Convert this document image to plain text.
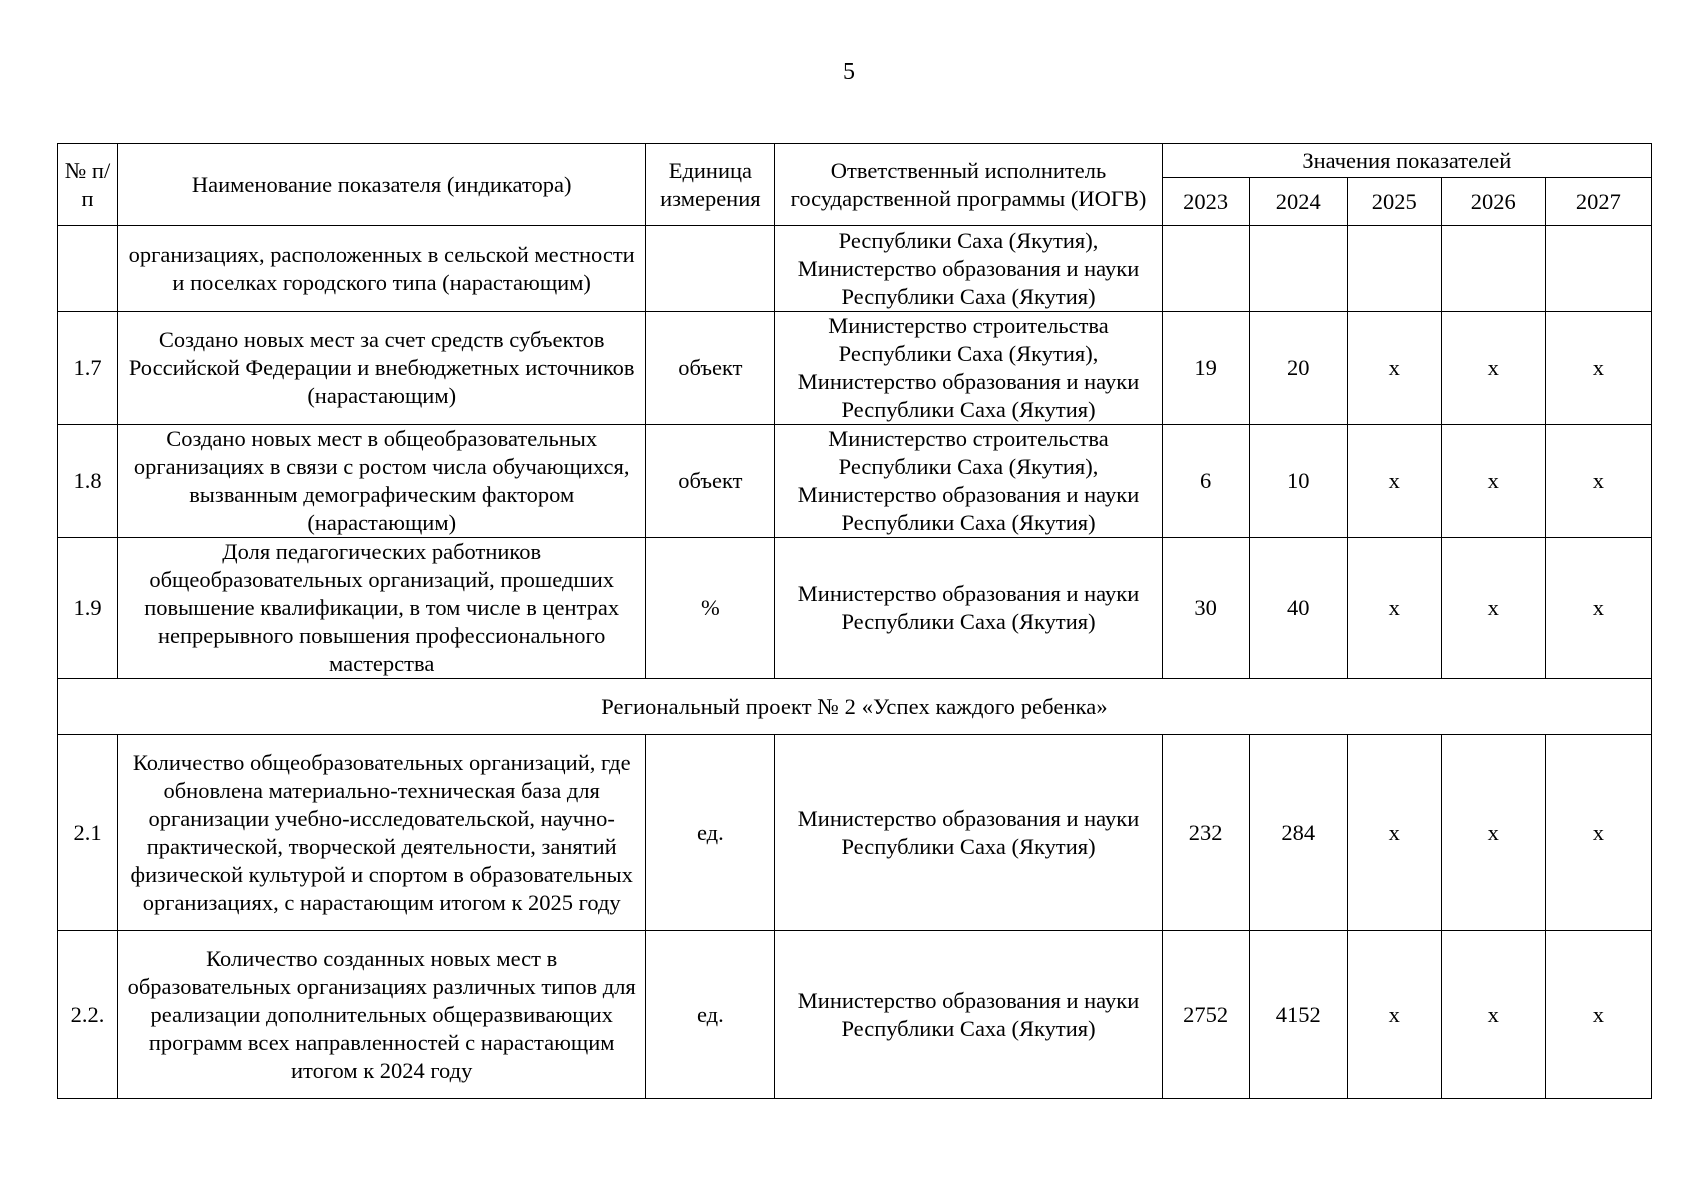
5
№ п/п	Наименование показателя (индикатора)	Единица измерения	Ответственный исполнитель государственной программы (ИОГВ)	Значения показателей				
				2023	2024	2025	2026	2027
	организациях, расположенных в сельской местности и поселках городского типа (нарастающим)		Республики Саха (Якутия), Министерство образования и науки Республики Саха (Якутия)					
1.7	Создано новых мест за счет средств субъектов Российской Федерации и внебюджетных источников (нарастающим)	объект	Министерство строительства Республики Саха (Якутия), Министерство образования и науки Республики Саха (Якутия)	19	20	х	х	х
1.8	Создано новых мест в общеобразовательных организациях в связи с ростом числа обучающихся, вызванным демографическим фактором (нарастающим)	объект	Министерство строительства Республики Саха (Якутия), Министерство образования и науки Республики Саха (Якутия)	6	10	х	х	х
1.9	Доля педагогических работников общеобразовательных организаций, прошедших повышение квалификации, в том числе в центрах непрерывного повышения профессионального мастерства	%	Министерство образования и науки Республики Саха (Якутия)	30	40	х	х	х
Региональный проект № 2 «Успех каждого ребенка»								
2.1	Количество общеобразовательных организаций, где обновлена материально-техническая база для организации учебно-исследовательской, научно-практической, творческой деятельности, занятий физической культурой и спортом в образовательных организациях, с нарастающим итогом к 2025 году	ед.	Министерство образования и науки Республики Саха (Якутия)	232	284	х	х	х
2.2.	Количество созданных новых мест в образовательных организациях различных типов для реализации дополнительных общеразвивающих программ всех направленностей с нарастающим итогом к 2024 году	ед.	Министерство образования и науки Республики Саха (Якутия)	2752	4152	х	х	х
